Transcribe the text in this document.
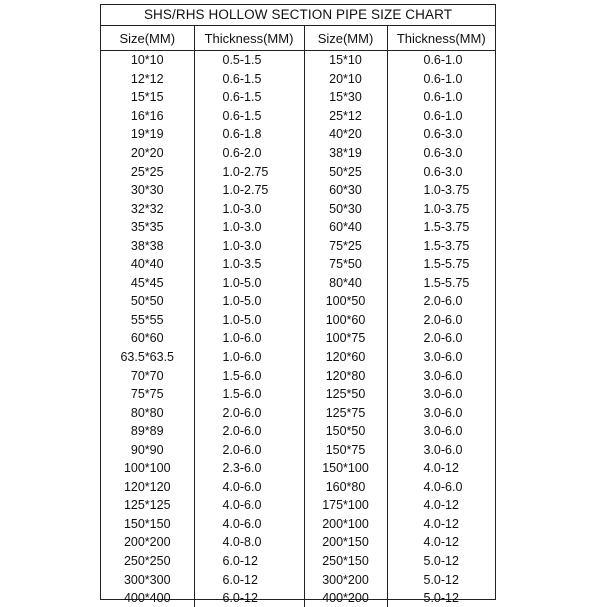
SHS/RHS HOLLOW SECTION PIPE SIZE CHART
Size(MM)	Thickness(MM)	Size(MM)	Thickness(MM)
10*10	0.5-1.5	15*10	0.6-1.0
12*12	0.6-1.5	20*10	0.6-1.0
15*15	0.6-1.5	15*30	0.6-1.0
16*16	0.6-1.5	25*12	0.6-1.0
19*19	0.6-1.8	40*20	0.6-3.0
20*20	0.6-2.0	38*19	0.6-3.0
25*25	1.0-2.75	50*25	0.6-3.0
30*30	1.0-2.75	60*30	1.0-3.75
32*32	1.0-3.0	50*30	1.0-3.75
35*35	1.0-3.0	60*40	1.5-3.75
38*38	1.0-3.0	75*25	1.5-3.75
40*40	1.0-3.5	75*50	1.5-5.75
45*45	1.0-5.0	80*40	1.5-5.75
50*50	1.0-5.0	100*50	2.0-6.0
55*55	1.0-5.0	100*60	2.0-6.0
60*60	1.0-6.0	100*75	2.0-6.0
63.5*63.5	1.0-6.0	120*60	3.0-6.0
70*70	1.5-6.0	120*80	3.0-6.0
75*75	1.5-6.0	125*50	3.0-6.0
80*80	2.0-6.0	125*75	3.0-6.0
89*89	2.0-6.0	150*50	3.0-6.0
90*90	2.0-6.0	150*75	3.0-6.0
100*100	2.3-6.0	150*100	4.0-12
120*120	4.0-6.0	160*80	4.0-6.0
125*125	4.0-6.0	175*100	4.0-12
150*150	4.0-6.0	200*100	4.0-12
200*200	4.0-8.0	200*150	4.0-12
250*250	6.0-12	250*150	5.0-12
300*300	6.0-12	300*200	5.0-12
400*400	6.0-12	400*200	5.0-12
